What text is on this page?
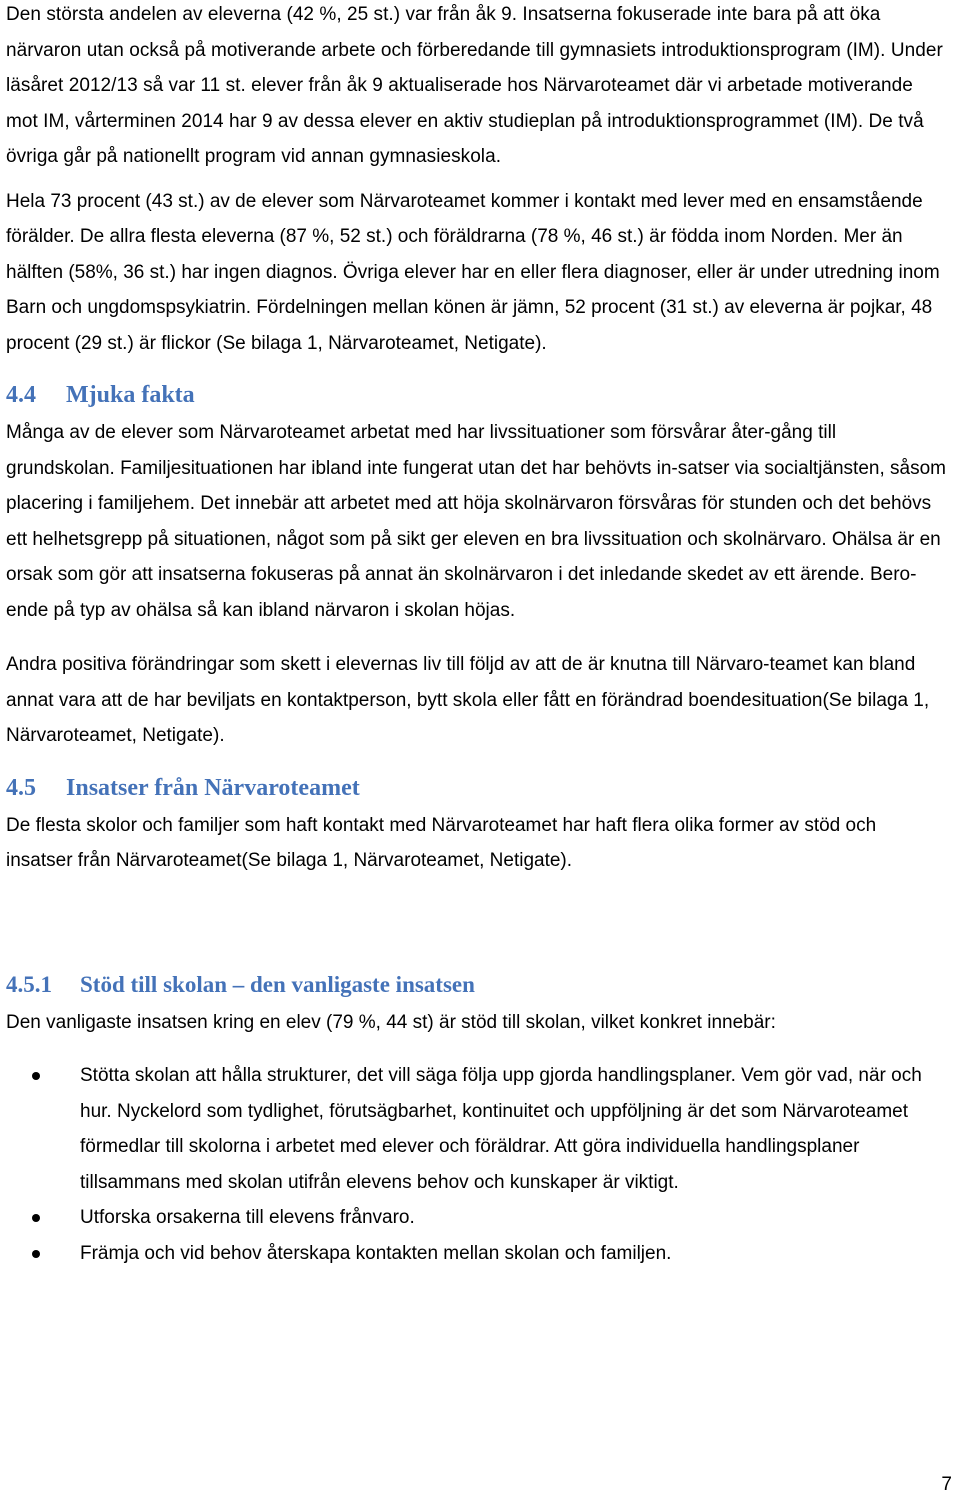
Den största andelen av eleverna (42 %, 25 st.) var från åk 9. Insatserna fokuserade inte bara på att öka närvaron utan också på motiverande arbete och förberedande till gymnasiets introduktionsprogram (IM). Under läsåret 2012/13 så var 11 st. elever från åk 9 aktualiserade hos Närvaroteamet där vi arbetade motiverande mot IM, vårterminen 2014 har 9 av dessa elever en aktiv studieplan på introduktionsprogrammet (IM). De två övriga går på nationellt program vid annan gymnasieskola.

Hela 73 procent (43 st.) av de elever som Närvaroteamet kommer i kontakt med lever med en ensamstående förälder. De allra flesta eleverna (87 %, 52 st.) och föräldrarna (78 %, 46 st.) är födda inom Norden. Mer än hälften (58%, 36 st.) har ingen diagnos. Övriga elever har en eller flera diagnoser, eller är under utredning inom Barn och ungdomspsykiatrin. Fördelningen mellan könen är jämn, 52 procent (31 st.) av eleverna är pojkar, 48 procent (29 st.) är flickor (Se bilaga 1, Närvaroteamet, Netigate).

4.4 Mjuka fakta

Många av de elever som Närvaroteamet arbetat med har livssituationer som försvårar åter-gång till grundskolan. Familjesituationen har ibland inte fungerat utan det har behövts in-satser via socialtjänsten, såsom placering i familjehem. Det innebär att arbetet med att höja skolnärvaron försvåras för stunden och det behövs ett helhetsgrepp på situationen, något som på sikt ger eleven en bra livssituation och skolnärvaro. Ohälsa är en orsak som gör att insatserna fokuseras på annat än skolnärvaron i det inledande skedet av ett ärende. Bero-ende på typ av ohälsa så kan ibland närvaron i skolan höjas.

Andra positiva förändringar som skett i elevernas liv till följd av att de är knutna till Närvaro-teamet kan bland annat vara att de har beviljats en kontaktperson, bytt skola eller fått en förändrad boendesituation(Se bilaga 1, Närvaroteamet, Netigate).

4.5 Insatser från Närvaroteamet

De flesta skolor och familjer som haft kontakt med Närvaroteamet har haft flera olika former av stöd och insatser från Närvaroteamet(Se bilaga 1, Närvaroteamet, Netigate).

4.5.1 Stöd till skolan – den vanligaste insatsen

Den vanligaste insatsen kring en elev (79 %, 44 st) är stöd till skolan, vilket konkret innebär:

Stötta skolan att hålla strukturer, det vill säga följa upp gjorda handlingsplaner. Vem gör vad, när och hur. Nyckelord som tydlighet, förutsägbarhet, kontinuitet och uppföljning är det som Närvaroteamet förmedlar till skolorna i arbetet med elever och föräldrar. Att göra individuella handlingsplaner tillsammans med skolan utifrån elevens behov och kunskaper är viktigt.
Utforska orsakerna till elevens frånvaro.
Främja och vid behov återskapa kontakten mellan skolan och familjen.
7
